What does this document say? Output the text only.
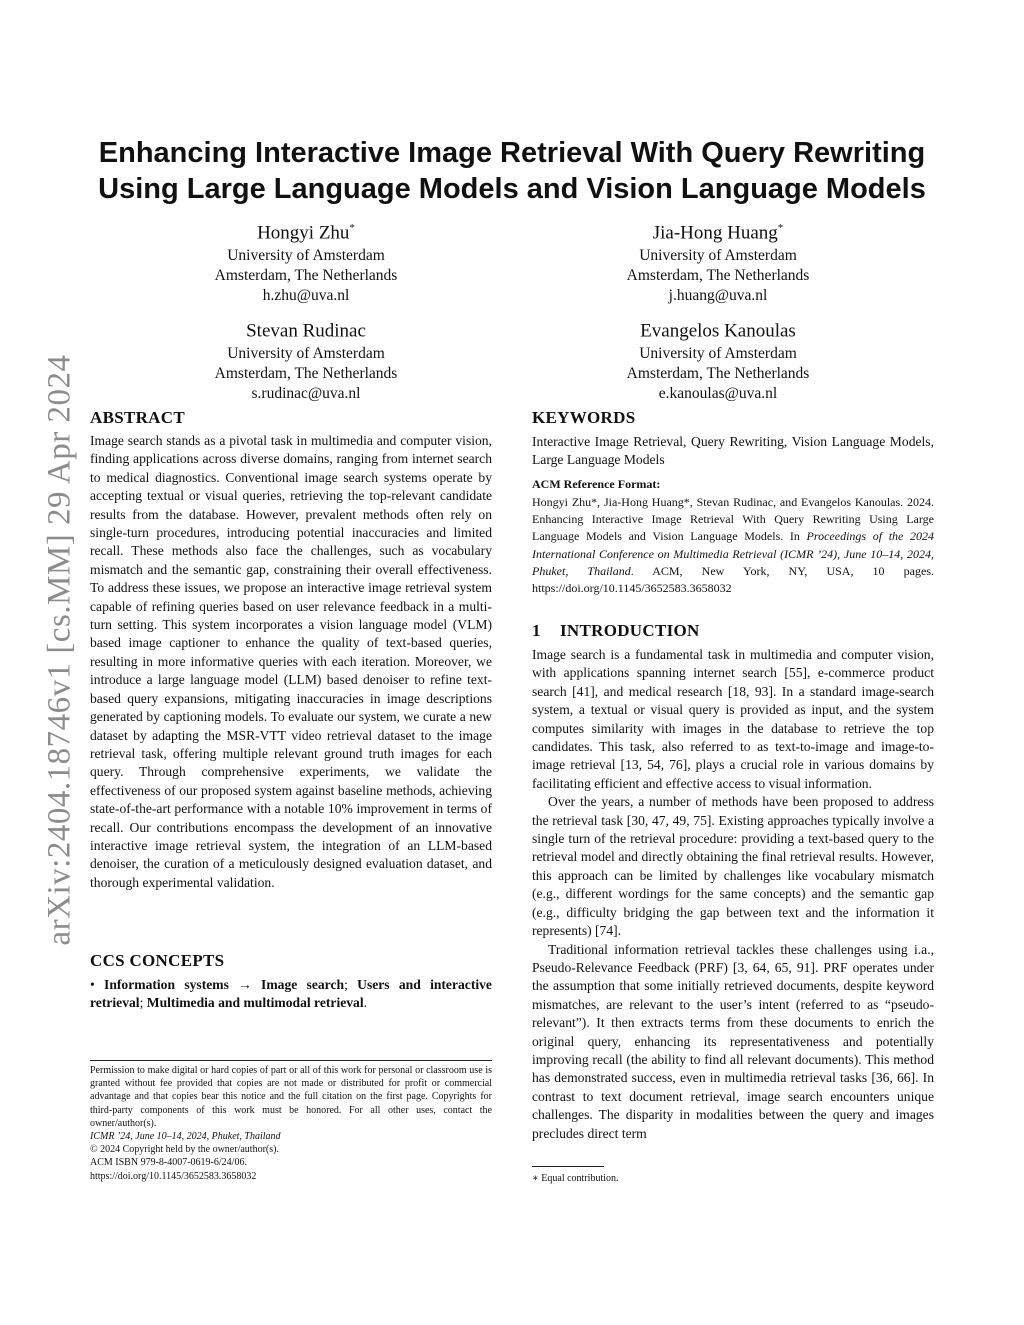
arXiv:2404.18746v1 [cs.MM] 29 Apr 2024
Enhancing Interactive Image Retrieval With Query Rewriting
Using Large Language Models and Vision Language Models
Hongyi Zhu*
University of Amsterdam
Amsterdam, The Netherlands
h.zhu@uva.nl
Jia-Hong Huang*
University of Amsterdam
Amsterdam, The Netherlands
j.huang@uva.nl
Stevan Rudinac
University of Amsterdam
Amsterdam, The Netherlands
s.rudinac@uva.nl
Evangelos Kanoulas
University of Amsterdam
Amsterdam, The Netherlands
e.kanoulas@uva.nl
ABSTRACT

Image search stands as a pivotal task in multimedia and computer vision, finding applications across diverse domains, ranging from internet search to medical diagnostics. Conventional image search systems operate by accepting textual or visual queries, retrieving the top-relevant candidate results from the database. However, prevalent methods often rely on single-turn procedures, introducing potential inaccuracies and limited recall. These methods also face the challenges, such as vocabulary mismatch and the semantic gap, constraining their overall effectiveness. To address these issues, we propose an interactive image retrieval system capable of refining queries based on user relevance feedback in a multi-turn setting. This system incorporates a vision language model (VLM) based image captioner to enhance the quality of text-based queries, resulting in more informative queries with each iteration. Moreover, we introduce a large language model (LLM) based denoiser to refine text-based query expansions, mitigating inaccuracies in image descriptions generated by captioning models. To evaluate our system, we curate a new dataset by adapting the MSR-VTT video retrieval dataset to the image retrieval task, offering multiple relevant ground truth images for each query. Through comprehensive experiments, we validate the effectiveness of our proposed system against baseline methods, achieving state-of-the-art performance with a notable 10% improvement in terms of recall. Our contributions encompass the development of an innovative interactive image retrieval system, the integration of an LLM-based denoiser, the curation of a meticulously designed evaluation dataset, and thorough experimental validation.

CCS CONCEPTS
• Information systems → Image search; Users and interactive retrieval; Multimedia and multimodal retrieval.

Permission to make digital or hard copies of part or all of this work for personal or classroom use is granted without fee provided that copies are not made or distributed for profit or commercial advantage and that copies bear this notice and the full citation on the first page. Copyrights for third-party components of this work must be honored. For all other uses, contact the owner/author(s).

ICMR ’24, June 10–14, 2024, Phuket, Thailand

© 2024 Copyright held by the owner/author(s).

ACM ISBN 979-8-4007-0619-6/24/06.

https://doi.org/10.1145/3652583.3658032

KEYWORDS

Interactive Image Retrieval, Query Rewriting, Vision Language Models, Large Language Models

ACM Reference Format:

Hongyi Zhu*, Jia-Hong Huang*, Stevan Rudinac, and Evangelos Kanoulas. 2024. Enhancing Interactive Image Retrieval With Query Rewriting Using Large Language Models and Vision Language Models. In Proceedings of the 2024 International Conference on Multimedia Retrieval (ICMR ’24), June 10–14, 2024, Phuket, Thailand. ACM, New York, NY, USA, 10 pages. https://doi.org/10.1145/3652583.3658032
1 INTRODUCTION

Image search is a fundamental task in multimedia and computer vision, with applications spanning internet search [55], e-commerce product search [41], and medical research [18, 93]. In a standard image-search system, a textual or visual query is provided as input, and the system computes similarity with images in the database to retrieve the top candidates. This task, also referred to as text-to-image and image-to-image retrieval [13, 54, 76], plays a crucial role in various domains by facilitating efficient and effective access to visual information.

Over the years, a number of methods have been proposed to address the retrieval task [30, 47, 49, 75]. Existing approaches typically involve a single turn of the retrieval procedure: providing a text-based query to the retrieval model and directly obtaining the final retrieval results. However, this approach can be limited by challenges like vocabulary mismatch (e.g., different wordings for the same concepts) and the semantic gap (e.g., difficulty bridging the gap between text and the information it represents) [74].

Traditional information retrieval tackles these challenges using i.a., Pseudo-Relevance Feedback (PRF) [3, 64, 65, 91]. PRF operates under the assumption that some initially retrieved documents, despite keyword mismatches, are relevant to the user’s intent (referred to as “pseudo-relevant”). It then extracts terms from these documents to enrich the original query, enhancing its representativeness and potentially improving recall (the ability to find all relevant documents). This method has demonstrated success, even in multimedia retrieval tasks [36, 66]. In contrast to text document retrieval, image search encounters unique challenges. The disparity in modalities between the query and images precludes direct term

∗ Equal contribution.
